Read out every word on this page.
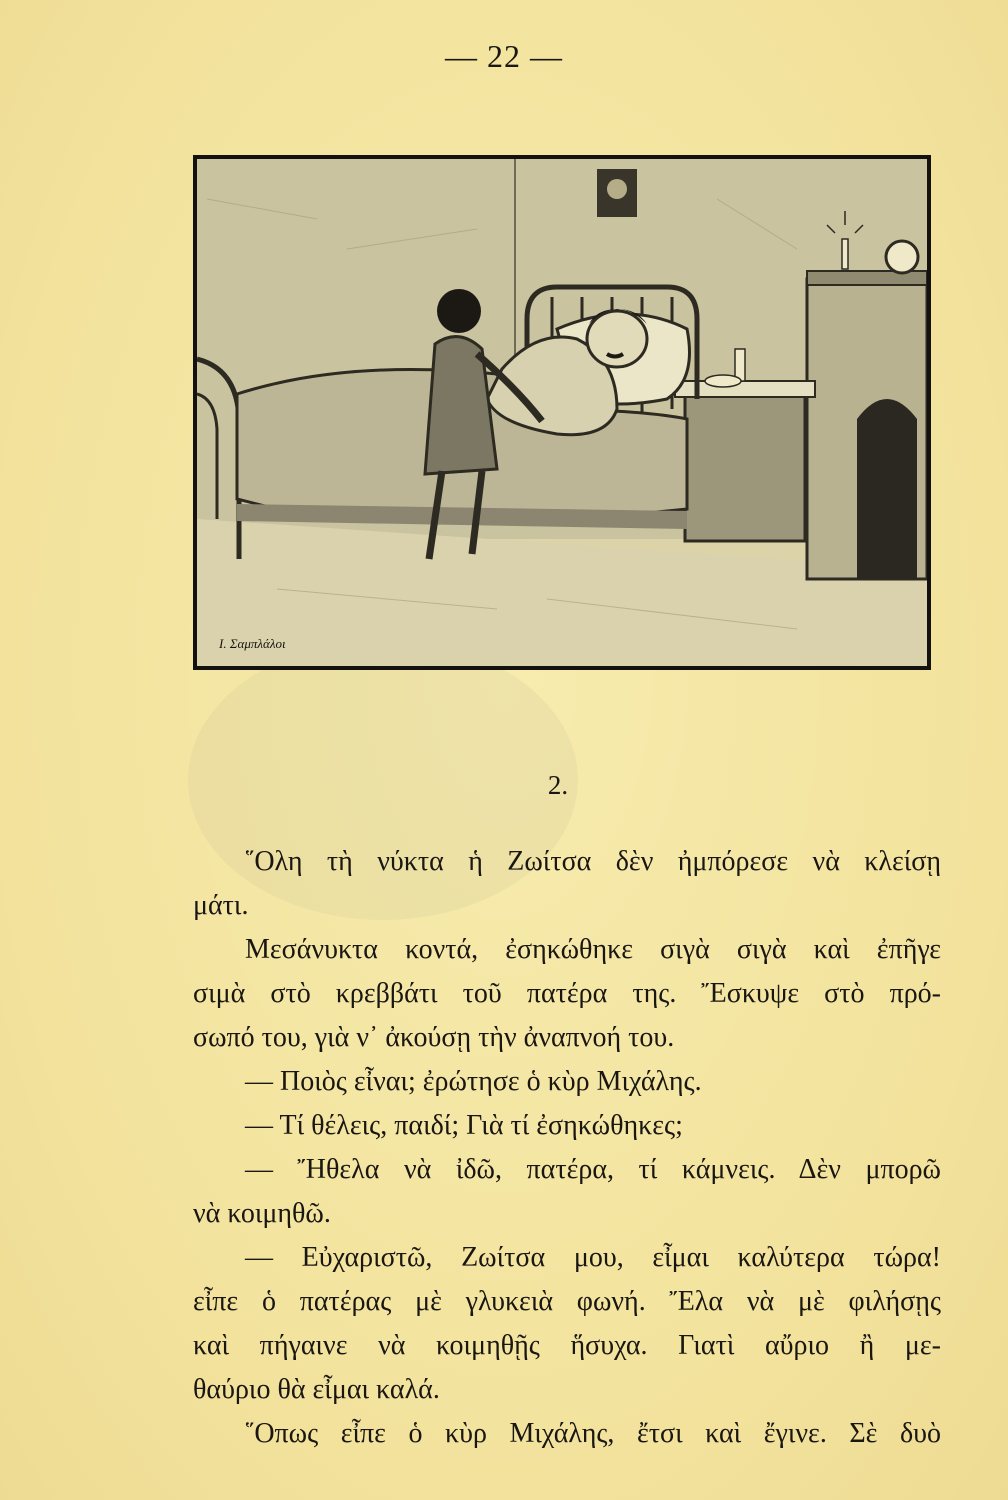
— 22 —
I. Σαμπλάλοι
2.

῞Ολη τὴ νύκτα ἡ Ζωίτσα δὲν ἠμπόρεσε νὰ κλείσῃ
μάτι.

Μεσάνυκτα κοντά, ἐσηκώθηκε σιγὰ σιγὰ καὶ ἐπῆγε
σιμὰ στὸ κρεββάτι τοῦ πατέρα της. Ἔσκυψε στὸ πρό-
σωπό του, γιὰ ν᾽ ἀκούσῃ τὴν ἀναπνοή του.

— Ποιὸς εἶναι; ἐρώτησε ὁ κὺρ Μιχάλης.

— Τί θέλεις, παιδί; Γιὰ τί ἐσηκώθηκες;

— Ἤθελα νὰ ἰδῶ, πατέρα, τί κάμνεις. Δὲν μπορῶ
νὰ κοιμηθῶ.

— Εὐχαριστῶ, Ζωίτσα μου, εἶμαι καλύτερα τώρα!
εἶπε ὁ πατέρας μὲ γλυκειὰ φωνή. Ἔλα νὰ μὲ φιλήσῃς
καὶ πήγαινε νὰ κοιμηθῇς ἥσυχα. Γιατὶ αὔριο ἢ με-
θαύριο θὰ εἶμαι καλά.

῞Οπως εἶπε ὁ κὺρ Μιχάλης, ἔτσι καὶ ἔγινε. Σὲ δυὸ
